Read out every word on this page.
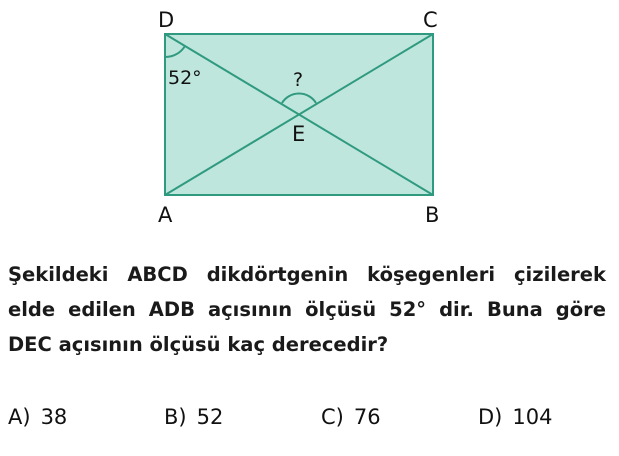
D	C
A	B
E
52°	?

Şekildeki ABCD dikdörtgenin köşegenleri çizilerek elde edilen ADB açısının ölçüsü 52° dir. Buna göre DEC açısının ölçüsü kaç derecedir?

A) 38	B) 52	C) 76	D) 104
